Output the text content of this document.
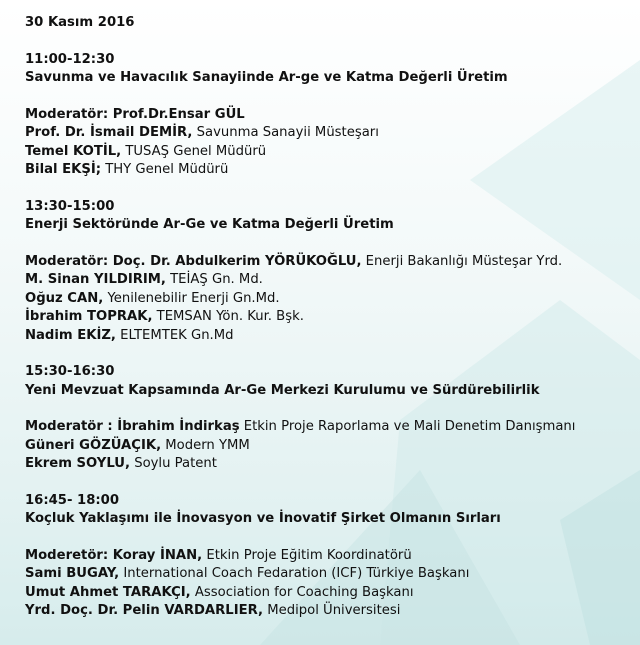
30 Kasım 2016
11:00-12:30
Savunma ve Havacılık Sanayiinde Ar-ge ve Katma Değerli Üretim
Moderatör: Prof.Dr.Ensar GÜL
Prof. Dr. İsmail DEMİR, Savunma Sanayii Müsteşarı
Temel KOTİL, TUSAŞ Genel Müdürü
Bilal EKŞİ; THY Genel Müdürü
13:30-15:00
Enerji Sektöründe Ar-Ge ve Katma Değerli Üretim
Moderatör: Doç. Dr. Abdulkerim YÖRÜKOĞLU, Enerji Bakanlığı Müsteşar Yrd.
M. Sinan YILDIRIM, TEİAŞ Gn. Md.
Oğuz CAN, Yenilenebilir Enerji Gn.Md.
İbrahim TOPRAK, TEMSAN Yön. Kur. Bşk.
Nadim EKİZ, ELTEMTEK Gn.Md
15:30-16:30
Yeni Mevzuat Kapsamında Ar-Ge Merkezi Kurulumu ve Sürdürebilirlik
Moderatör : İbrahim İndirkaş Etkin Proje Raporlama ve Mali Denetim Danışmanı
Güneri GÖZÜAÇIK, Modern YMM
Ekrem SOYLU, Soylu Patent
16:45- 18:00
Koçluk Yaklaşımı ile İnovasyon ve İnovatif Şirket Olmanın Sırları
Moderetör: Koray İNAN, Etkin Proje Eğitim Koordinatörü
Sami BUGAY, International Coach Fedaration (ICF) Türkiye Başkanı
Umut Ahmet TARAKÇI, Association for Coaching Başkanı
Yrd. Doç. Dr. Pelin VARDARLIER, Medipol Üniversitesi
